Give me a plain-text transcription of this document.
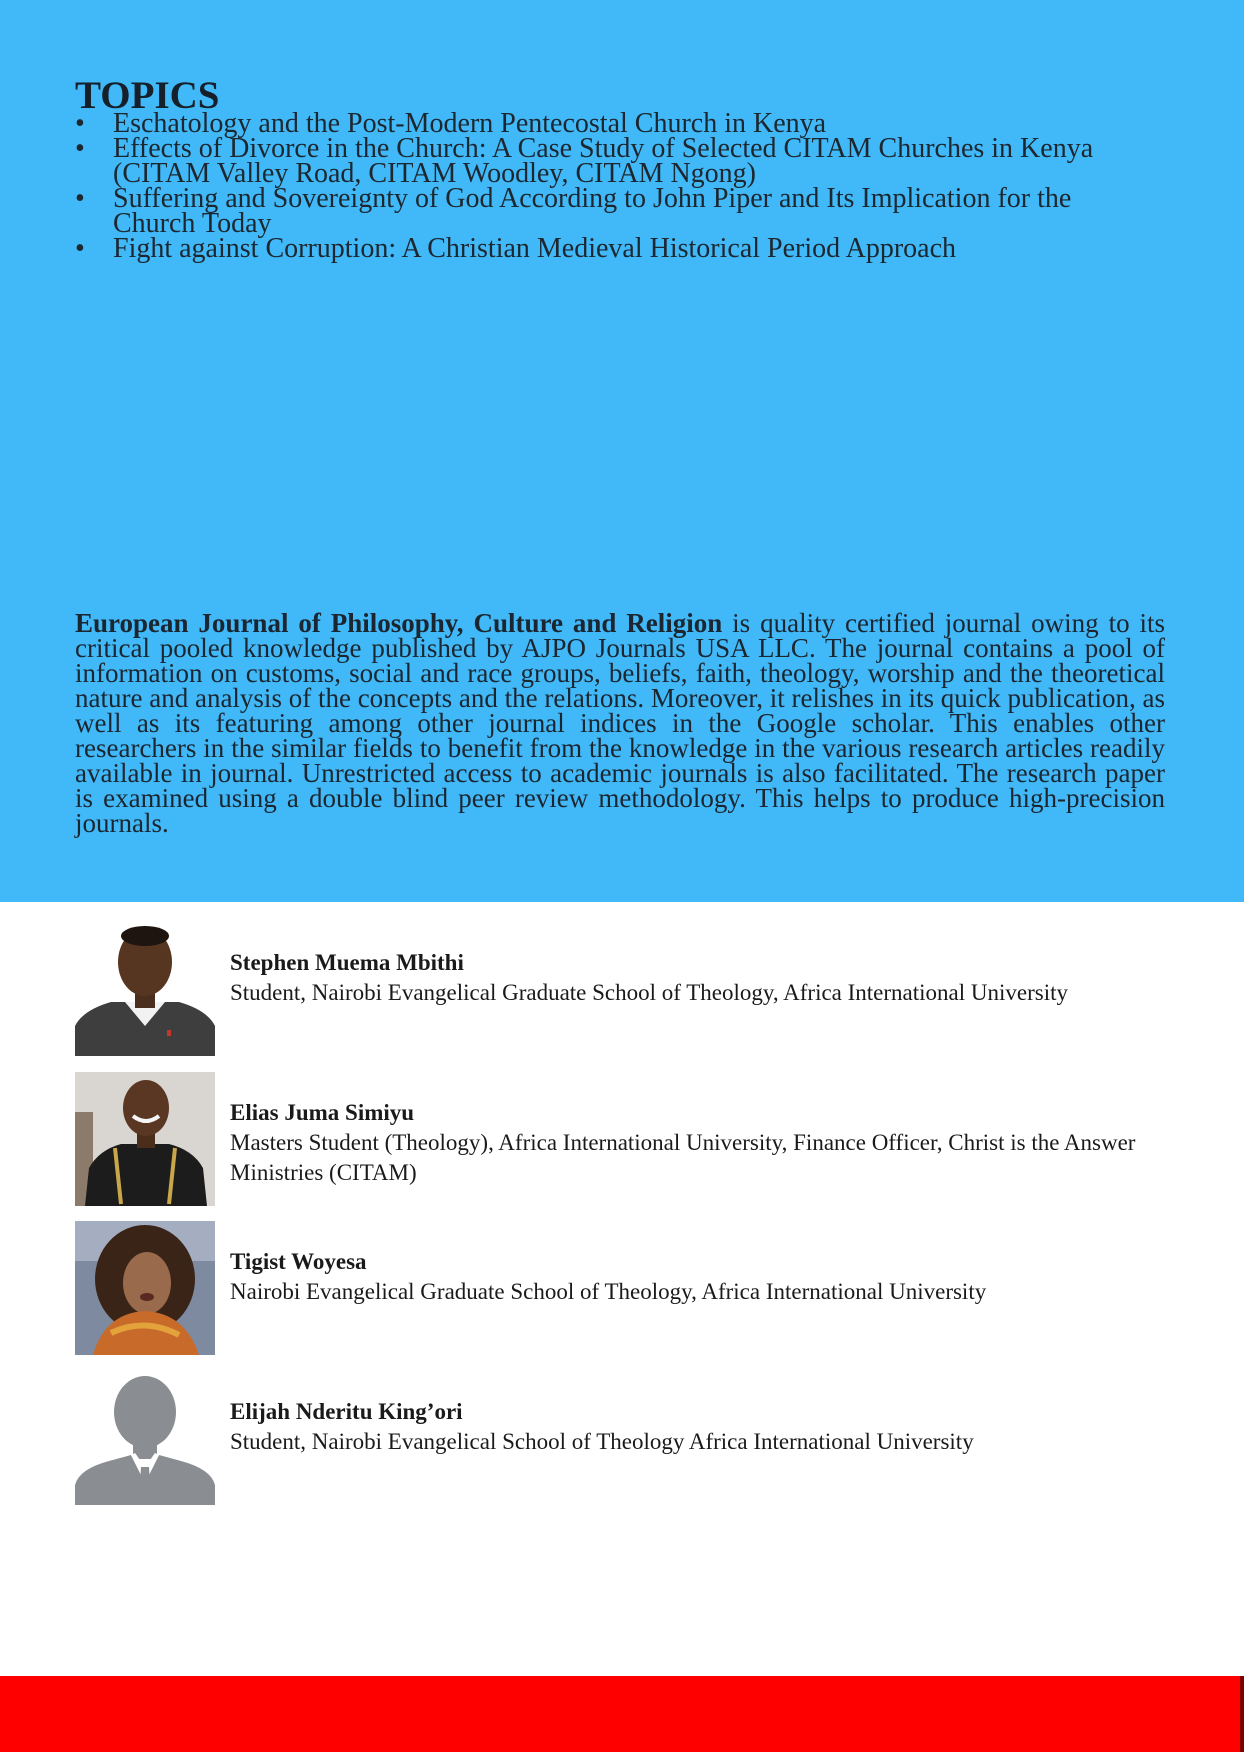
TOPICS
• Eschatology and the Post-Modern Pentecostal Church in Kenya
• Effects of Divorce in the Church: A Case Study of Selected CITAM Churches in Kenya
(CITAM Valley Road, CITAM Woodley, CITAM Ngong)
• Suffering and Sovereignty of God According to John Piper and Its Implication for the
Church Today
• Fight against Corruption: A Christian Medieval Historical Period Approach

European Journal of Philosophy, Culture and Religion is quality certified journal owing to its critical pooled knowledge published by AJPO Journals USA LLC. The journal contains a pool of information on customs, social and race groups, beliefs, faith, theology, worship and the theoretical nature and analysis of the concepts and the relations. Moreover, it relishes in its quick publication, as well as its featuring among other journal indices in the Google scholar. This enables other researchers in the similar fields to benefit from the knowledge in the various research articles readily available in journal. Unrestricted access to academic journals is also facilitated. The research paper is examined using a double blind peer review methodology. This helps to produce high-precision journals.

Stephen Muema Mbithi
Student, Nairobi Evangelical Graduate School of Theology, Africa International University
Elias Juma Simiyu
Masters Student (Theology), Africa International University, Finance Officer, Christ is the Answer Ministries (CITAM)
Tigist Woyesa
Nairobi Evangelical Graduate School of Theology, Africa International University
Elijah Nderitu King’ori
Student, Nairobi Evangelical School of Theology Africa International University
